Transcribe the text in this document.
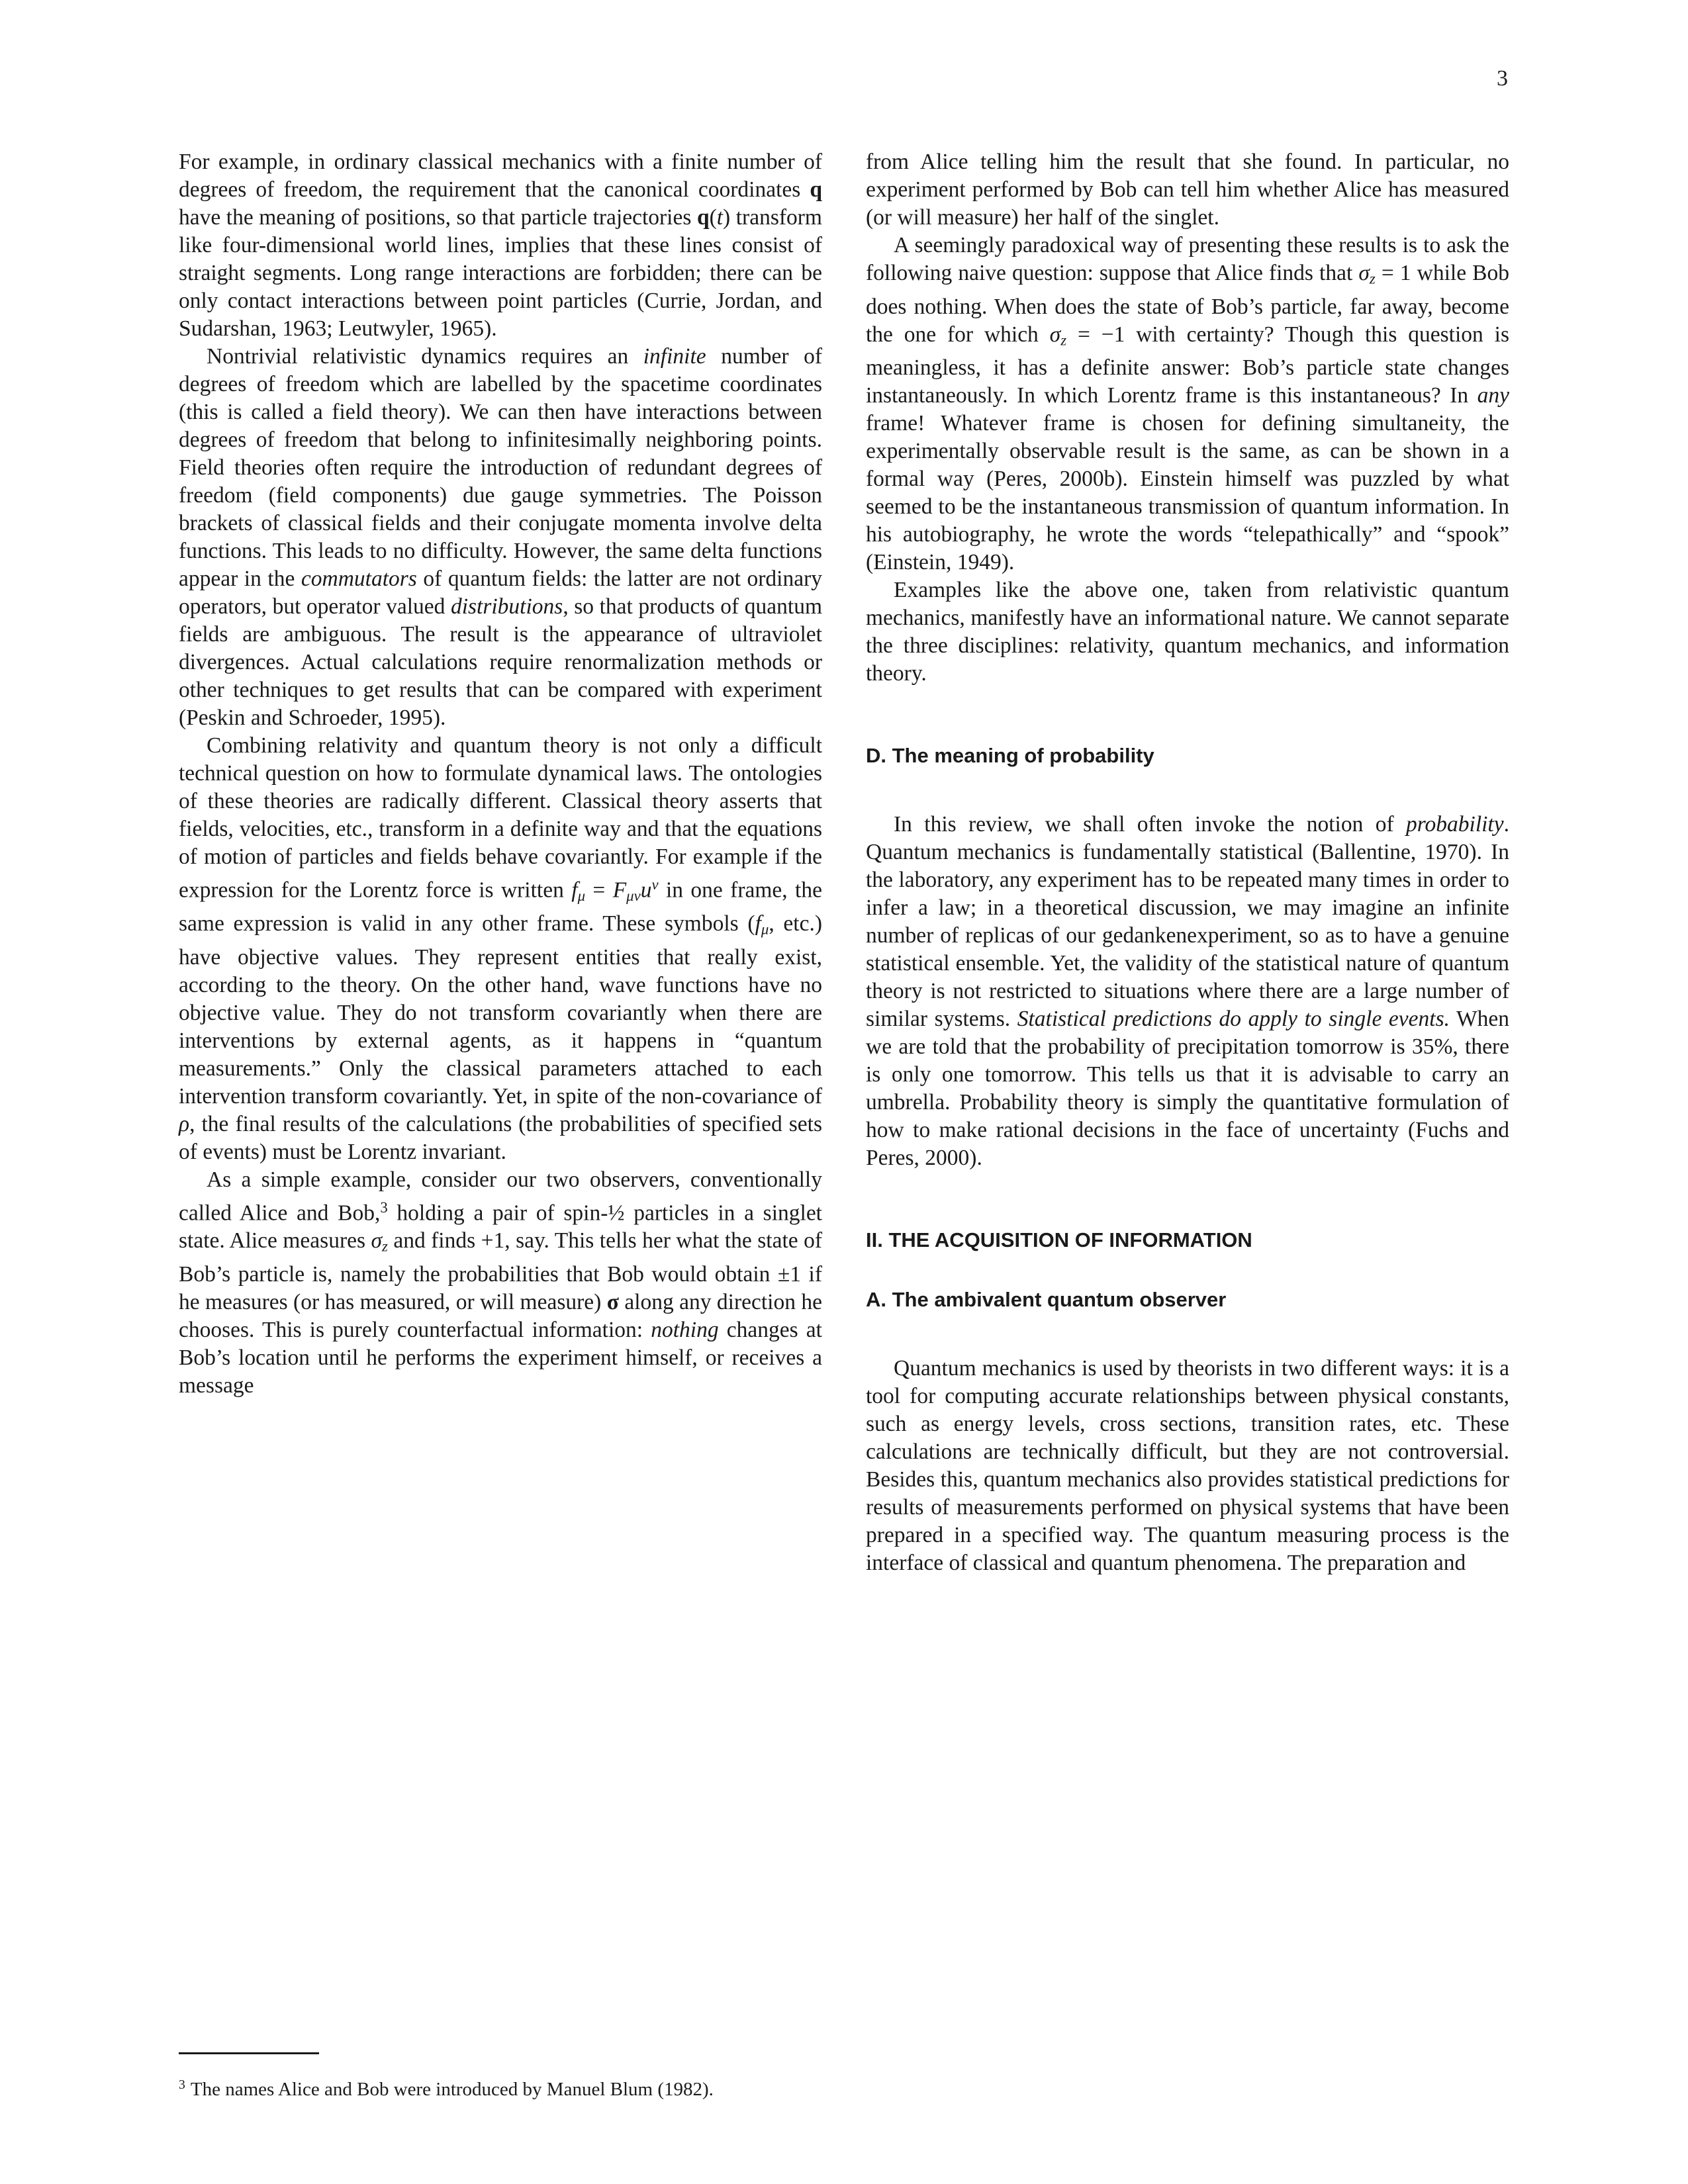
3

For example, in ordinary classical mechanics with a finite number of degrees of freedom, the requirement that the canonical coordinates q have the meaning of positions, so that particle trajectories q(t) transform like four-dimensional world lines, implies that these lines consist of straight segments. Long range interactions are forbidden; there can be only contact interactions between point particles (Currie, Jordan, and Sudarshan, 1963; Leutwyler, 1965).

Nontrivial relativistic dynamics requires an infinite number of degrees of freedom which are labelled by the spacetime coordinates (this is called a field theory). We can then have interactions between degrees of freedom that belong to infinitesimally neighboring points. Field theories often require the introduction of redundant degrees of freedom (field components) due gauge symmetries. The Poisson brackets of classical fields and their conjugate momenta involve delta functions. This leads to no difficulty. However, the same delta functions appear in the commutators of quantum fields: the latter are not ordinary operators, but operator valued distributions, so that products of quantum fields are ambiguous. The result is the appearance of ultraviolet divergences. Actual calculations require renormalization methods or other techniques to get results that can be compared with experiment (Peskin and Schroeder, 1995).

Combining relativity and quantum theory is not only a difficult technical question on how to formulate dynamical laws. The ontologies of these theories are radically different. Classical theory asserts that fields, velocities, etc., transform in a definite way and that the equations of motion of particles and fields behave covariantly. For example if the expression for the Lorentz force is written fμ = Fμνu$^\nu$ in one frame, the same expression is valid in any other frame. These symbols (fμ, etc.) have objective values. They represent entities that really exist, according to the theory. On the other hand, wave functions have no objective value. They do not transform covariantly when there are interventions by external agents, as it happens in “quantum measurements.” Only the classical parameters attached to each intervention transform covariantly. Yet, in spite of the non-covariance of ρ, the final results of the calculations (the probabilities of specified sets of events) must be Lorentz invariant.

As a simple example, consider our two observers, conventionally called Alice and Bob,$^3$ holding a pair of spin-½ particles in a singlet state. Alice measures σz and finds +1, say. This tells her what the state of Bob’s particle is, namely the probabilities that Bob would obtain ±1 if he measures (or has measured, or will measure) σ along any direction he chooses. This is purely counterfactual information: nothing changes at Bob’s location until he performs the experiment himself, or receives a message

$^3$ The names Alice and Bob were introduced by Manuel Blum (1982).

from Alice telling him the result that she found. In particular, no experiment performed by Bob can tell him whether Alice has measured (or will measure) her half of the singlet.

A seemingly paradoxical way of presenting these results is to ask the following naive question: suppose that Alice finds that σz = 1 while Bob does nothing. When does the state of Bob’s particle, far away, become the one for which σz = −1 with certainty? Though this question is meaningless, it has a definite answer: Bob’s particle state changes instantaneously. In which Lorentz frame is this instantaneous? In any frame! Whatever frame is chosen for defining simultaneity, the experimentally observable result is the same, as can be shown in a formal way (Peres, 2000b). Einstein himself was puzzled by what seemed to be the instantaneous transmission of quantum information. In his autobiography, he wrote the words “telepathically” and “spook” (Einstein, 1949).

Examples like the above one, taken from relativistic quantum mechanics, manifestly have an informational nature. We cannot separate the three disciplines: relativity, quantum mechanics, and information theory.

D. The meaning of probability

In this review, we shall often invoke the notion of probability. Quantum mechanics is fundamentally statistical (Ballentine, 1970). In the laboratory, any experiment has to be repeated many times in order to infer a law; in a theoretical discussion, we may imagine an infinite number of replicas of our gedankenexperiment, so as to have a genuine statistical ensemble. Yet, the validity of the statistical nature of quantum theory is not restricted to situations where there are a large number of similar systems. Statistical predictions do apply to single events. When we are told that the probability of precipitation tomorrow is 35%, there is only one tomorrow. This tells us that it is advisable to carry an umbrella. Probability theory is simply the quantitative formulation of how to make rational decisions in the face of uncertainty (Fuchs and Peres, 2000).

II. THE ACQUISITION OF INFORMATION
A. The ambivalent quantum observer

Quantum mechanics is used by theorists in two different ways: it is a tool for computing accurate relationships between physical constants, such as energy levels, cross sections, transition rates, etc. These calculations are technically difficult, but they are not controversial. Besides this, quantum mechanics also provides statistical predictions for results of measurements performed on physical systems that have been prepared in a specified way. The quantum measuring process is the interface of classical and quantum phenomena. The preparation and
